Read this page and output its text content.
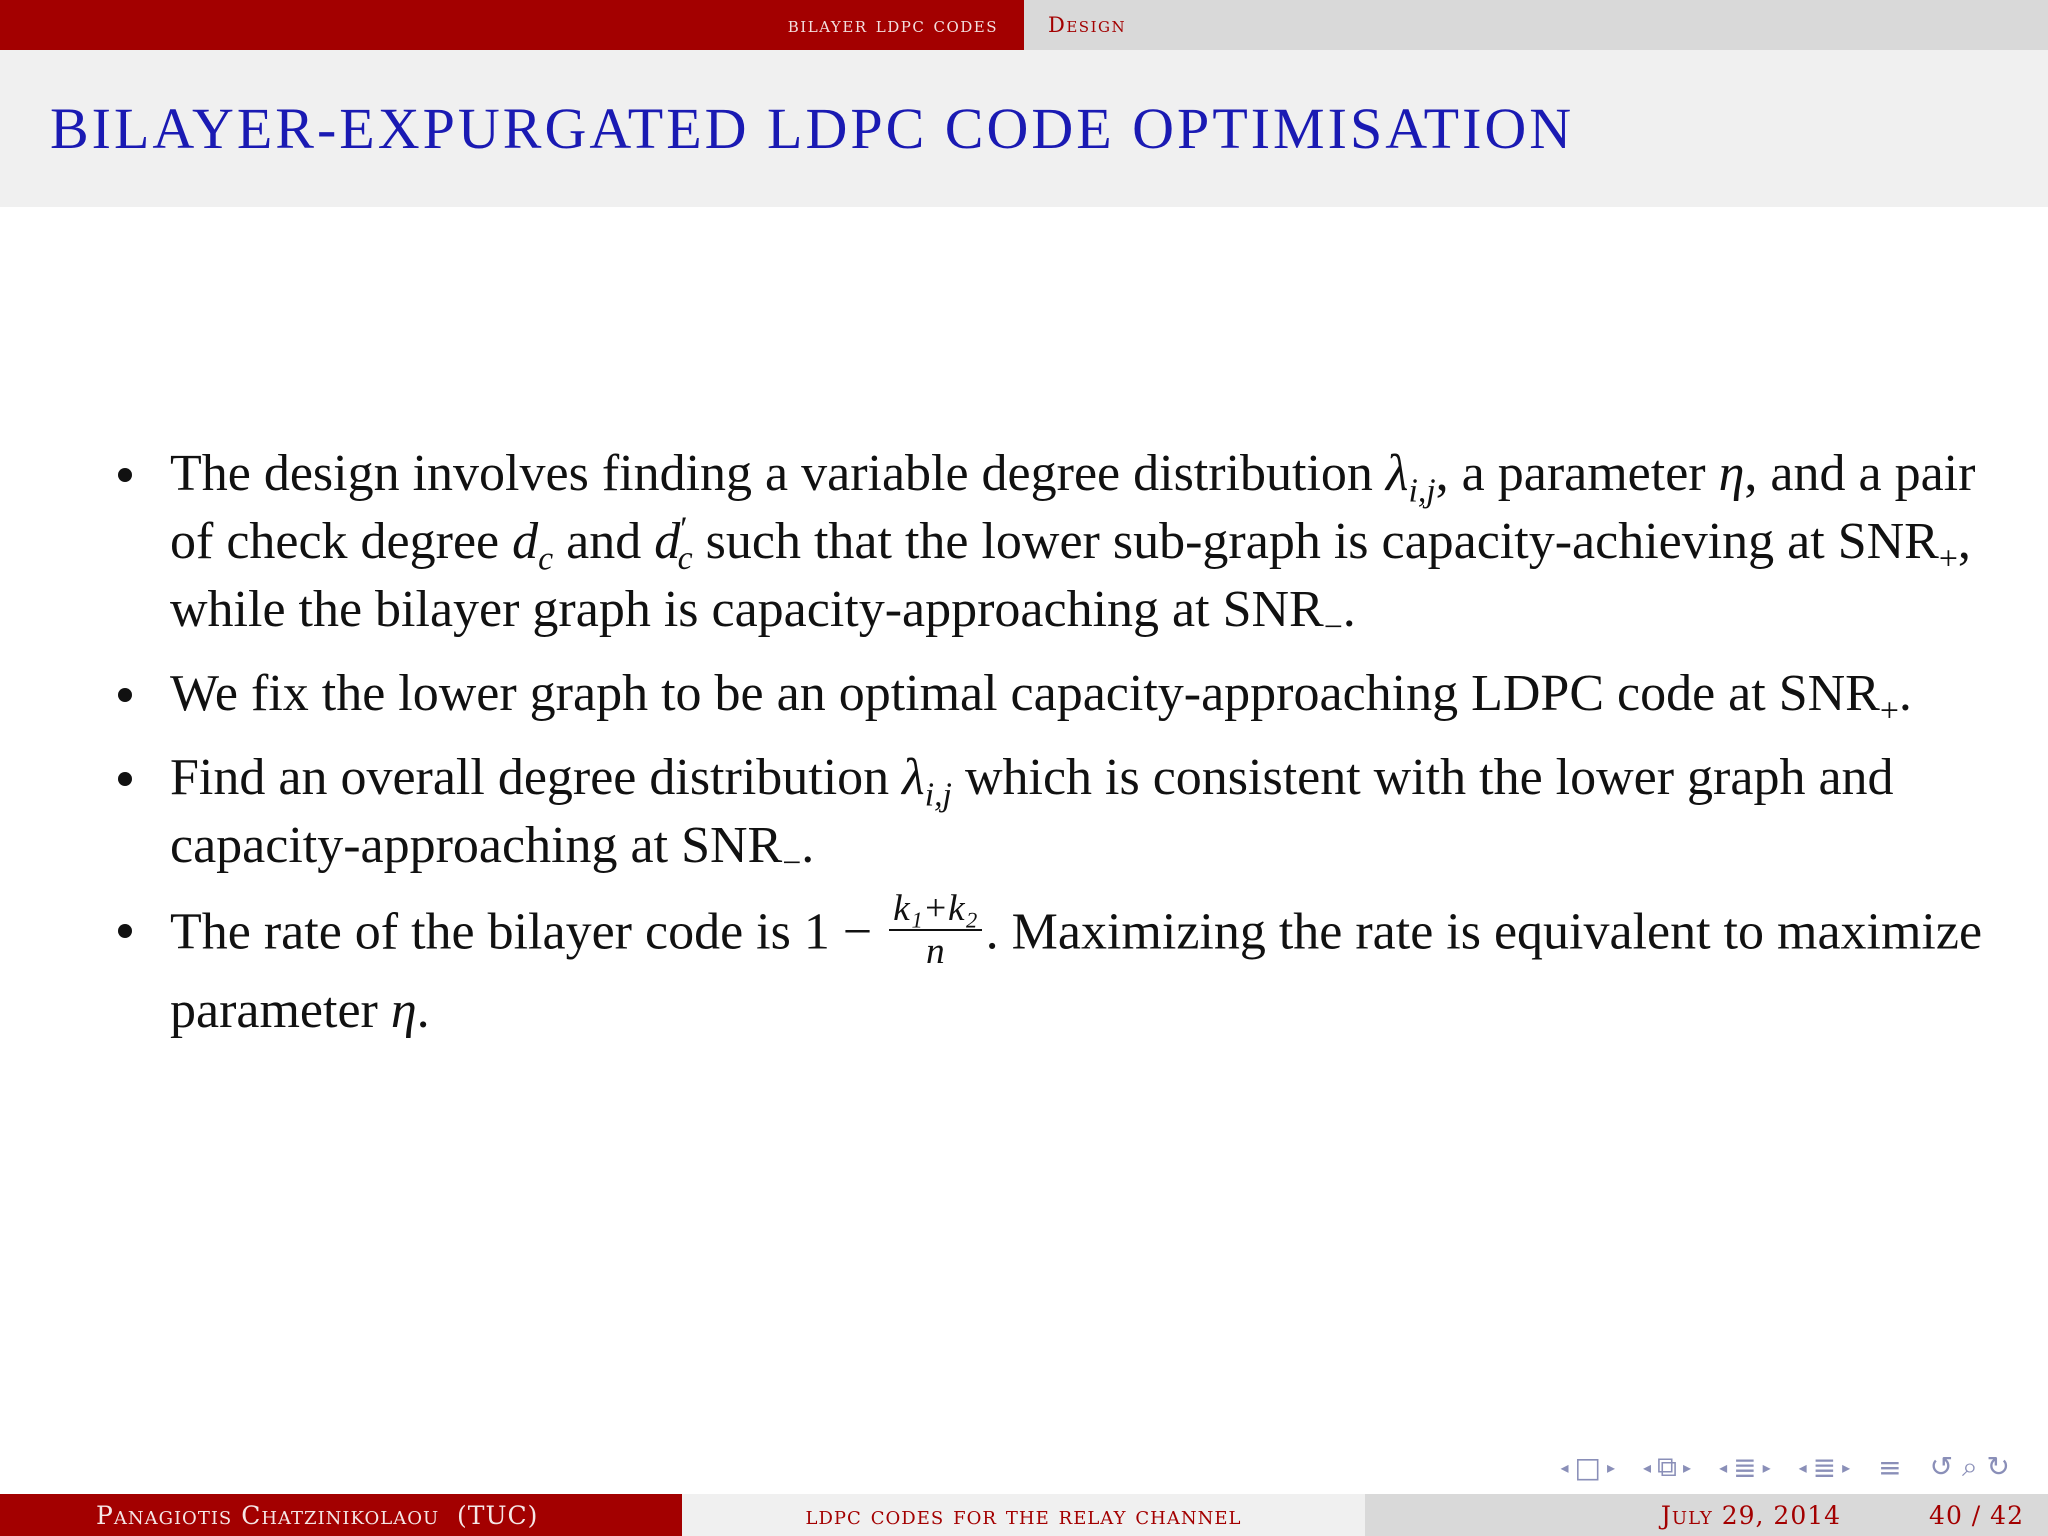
bilayer ldpc codes Design
BILAYER-EXPURGATED LDPC CODE OPTIMISATION
The design involves finding a variable degree distribution $\lambda_{i,j}$, a parameter η, and a pair of check degree $d_c$ and $d'_c$ such that the lower sub-graph is capacity-achieving at $SNR_+$, while the bilayer graph is capacity-approaching at $SNR_-$.
We fix the lower graph to be an optimal capacity-approaching LDPC code at $SNR_+$.
Find an overall degree distribution $\lambda_{i,j}$ which is consistent with the lower graph and capacity-approaching at $SNR_-$.
The rate of the bilayer code is $1 - \frac{\text{k₁+k₂}}{n}$ . Maximizing the rate is equivalent to maximize parameter η.
◂ □ ▸ ◂ ⧉ ▸ ◂ ≣ ▸ ◂ ≣ ▸ ≡ ↺ ⌕ ↻
Panagiotis Chatzinikolaou  (TUC)	ldpc codes for the relay channel	July 29, 2014	40 / 42
